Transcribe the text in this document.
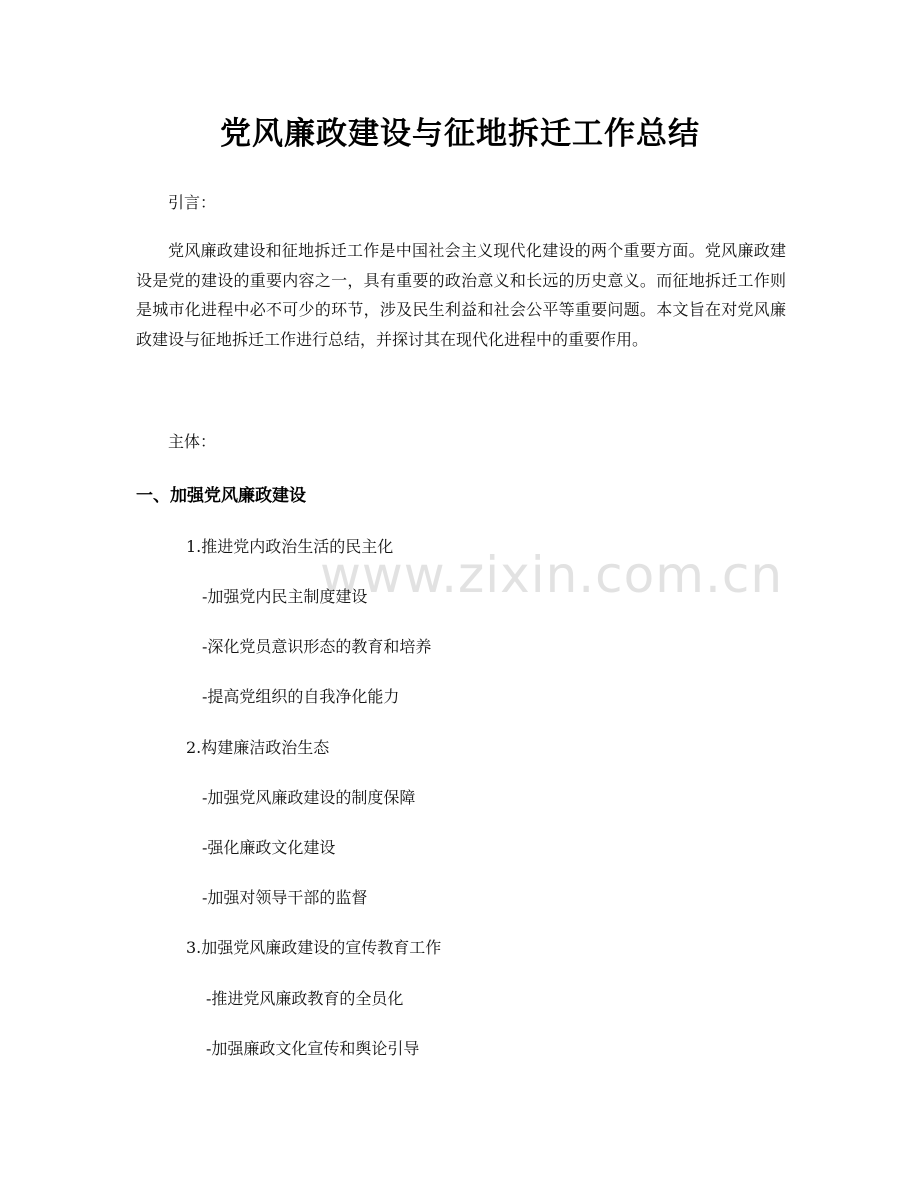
www.zixin.com.cn
党风廉政建设与征地拆迁工作总结
引言：
党风廉政建设和征地拆迁工作是中国社会主义现代化建设的两个重要方面。党风廉政建设是党的建设的重要内容之一，具有重要的政治意义和长远的历史意义。而征地拆迁工作则是城市化进程中必不可少的环节，涉及民生利益和社会公平等重要问题。本文旨在对党风廉政建设与征地拆迁工作进行总结，并探讨其在现代化进程中的重要作用。
主体：
一、加强党风廉政建设
1.推进党内政治生活的民主化
-加强党内民主制度建设
-深化党员意识形态的教育和培养
-提高党组织的自我净化能力
2.构建廉洁政治生态
-加强党风廉政建设的制度保障
-强化廉政文化建设
-加强对领导干部的监督
3.加强党风廉政建设的宣传教育工作
-推进党风廉政教育的全员化
-加强廉政文化宣传和舆论引导
